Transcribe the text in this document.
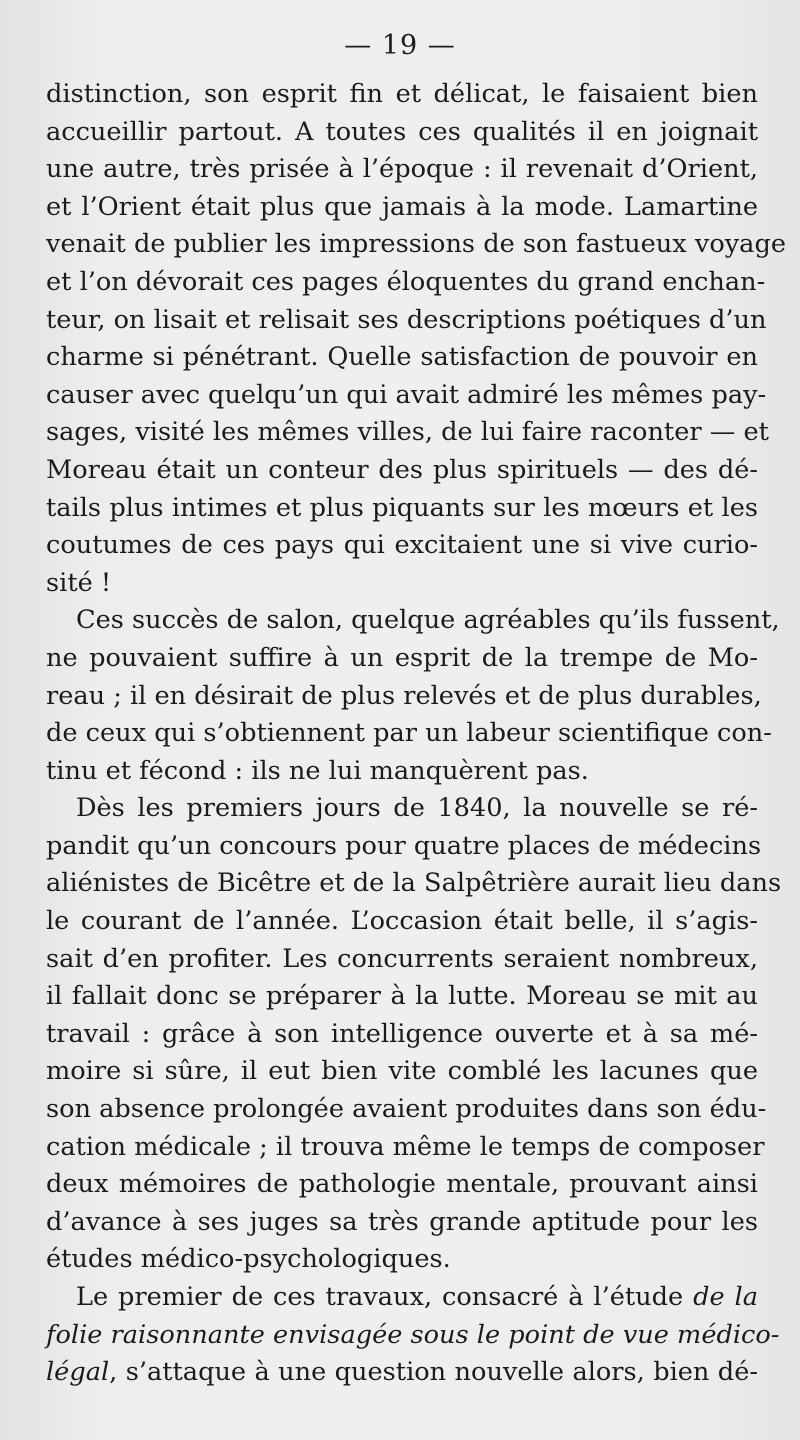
— 19 —
distinction, son esprit fin et délicat, le faisaient bien
accueillir partout. A toutes ces qualités il en joignait
une autre, très prisée à l’époque : il revenait d’Orient,
et l’Orient était plus que jamais à la mode. Lamartine
venait de publier les impressions de son fastueux voyage
et l’on dévorait ces pages éloquentes du grand enchan-
teur, on lisait et relisait ses descriptions poétiques d’un
charme si pénétrant. Quelle satisfaction de pouvoir en
causer avec quelqu’un qui avait admiré les mêmes pay-
sages, visité les mêmes villes, de lui faire raconter — et
Moreau était un conteur des plus spirituels — des dé-
tails plus intimes et plus piquants sur les mœurs et les
coutumes de ces pays qui excitaient une si vive curio-
sité !
Ces succès de salon, quelque agréables qu’ils fussent,
ne pouvaient suffire à un esprit de la trempe de Mo-
reau ; il en désirait de plus relevés et de plus durables,
de ceux qui s’obtiennent par un labeur scientifique con-
tinu et fécond : ils ne lui manquèrent pas.
Dès les premiers jours de 1840, la nouvelle se ré-
pandit qu’un concours pour quatre places de médecins
aliénistes de Bicêtre et de la Salpêtrière aurait lieu dans
le courant de l’année. L’occasion était belle, il s’agis-
sait d’en profiter. Les concurrents seraient nombreux,
il fallait donc se préparer à la lutte. Moreau se mit au
travail : grâce à son intelligence ouverte et à sa mé-
moire si sûre, il eut bien vite comblé les lacunes que
son absence prolongée avaient produites dans son édu-
cation médicale ; il trouva même le temps de composer
deux mémoires de pathologie mentale, prouvant ainsi
d’avance à ses juges sa très grande aptitude pour les
études médico-psychologiques.
Le premier de ces travaux, consacré à l’étude de la
folie raisonnante envisagée sous le point de vue médico-
légal, s’attaque à une question nouvelle alors, bien dé-
